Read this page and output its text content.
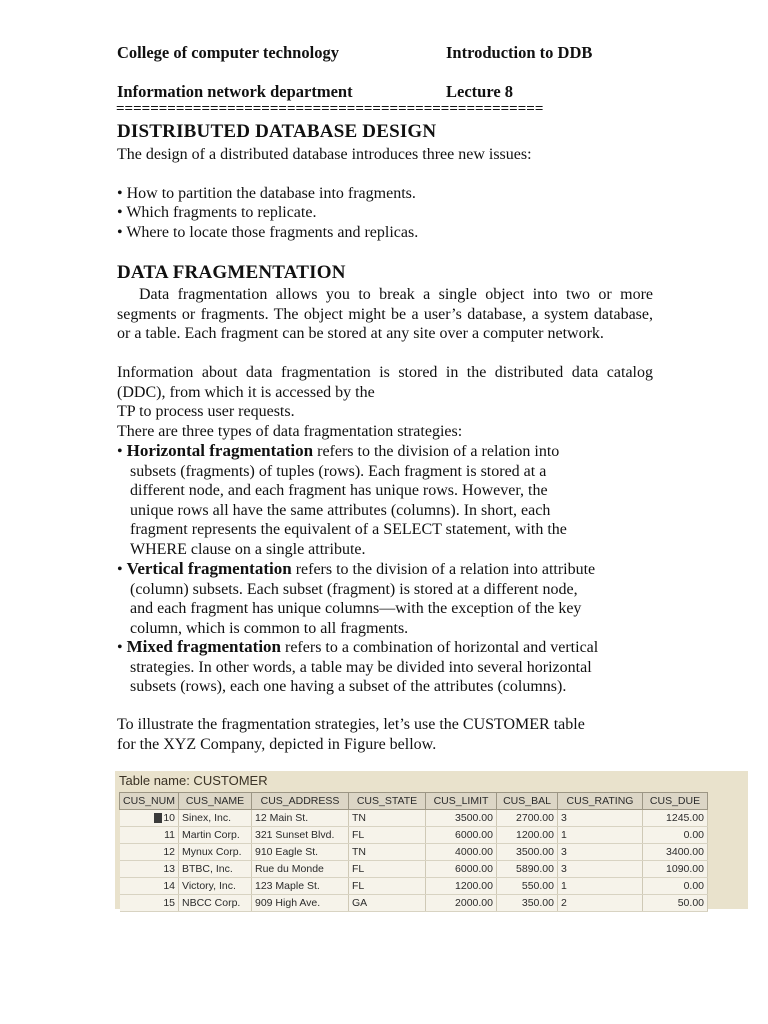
College of computer technology	Introduction to DDB
Information network department	Lecture 8
==================================================
DISTRIBUTED DATABASE DESIGN
The design of a distributed database introduces three new issues:
• How to partition the database into fragments.
• Which fragments to replicate.
• Where to locate those fragments and replicas.
DATA FRAGMENTATION
Data fragmentation allows you to break a single object into two or more segments or fragments. The object might be a user’s database, a system database, or a table. Each fragment can be stored at any site over a computer network.
Information about data fragmentation is stored in the distributed data catalog (DDC), from which it is accessed by the
TP to process user requests.
There are three types of data fragmentation strategies:
• Horizontal fragmentation refers to the division of a relation into
subsets (fragments) of tuples (rows). Each fragment is stored at a
different node, and each fragment has unique rows. However, the
unique rows all have the same attributes (columns). In short, each
fragment represents the equivalent of a SELECT statement, with the
WHERE clause on a single attribute.
• Vertical fragmentation refers to the division of a relation into attribute
(column) subsets. Each subset (fragment) is stored at a different node,
and each fragment has unique columns—with the exception of the key
column, which is common to all fragments.
• Mixed fragmentation refers to a combination of horizontal and vertical
strategies. In other words, a table may be divided into several horizontal
subsets (rows), each one having a subset of the attributes (columns).
To illustrate the fragmentation strategies, let’s use the CUSTOMER table
for the XYZ Company, depicted in Figure bellow.
Table name: CUSTOMER
CUS_NUM	CUS_NAME	CUS_ADDRESS	CUS_STATE	CUS_LIMIT	CUS_BAL	CUS_RATING	CUS_DUE
10	Sinex, Inc.	12 Main St.	TN	3500.00	2700.00	3	1245.00
11	Martin Corp.	321 Sunset Blvd.	FL	6000.00	1200.00	1	0.00
12	Mynux Corp.	910 Eagle St.	TN	4000.00	3500.00	3	3400.00
13	BTBC, Inc.	Rue du Monde	FL	6000.00	5890.00	3	1090.00
14	Victory, Inc.	123 Maple St.	FL	1200.00	550.00	1	0.00
15	NBCC Corp.	909 High Ave.	GA	2000.00	350.00	2	50.00
